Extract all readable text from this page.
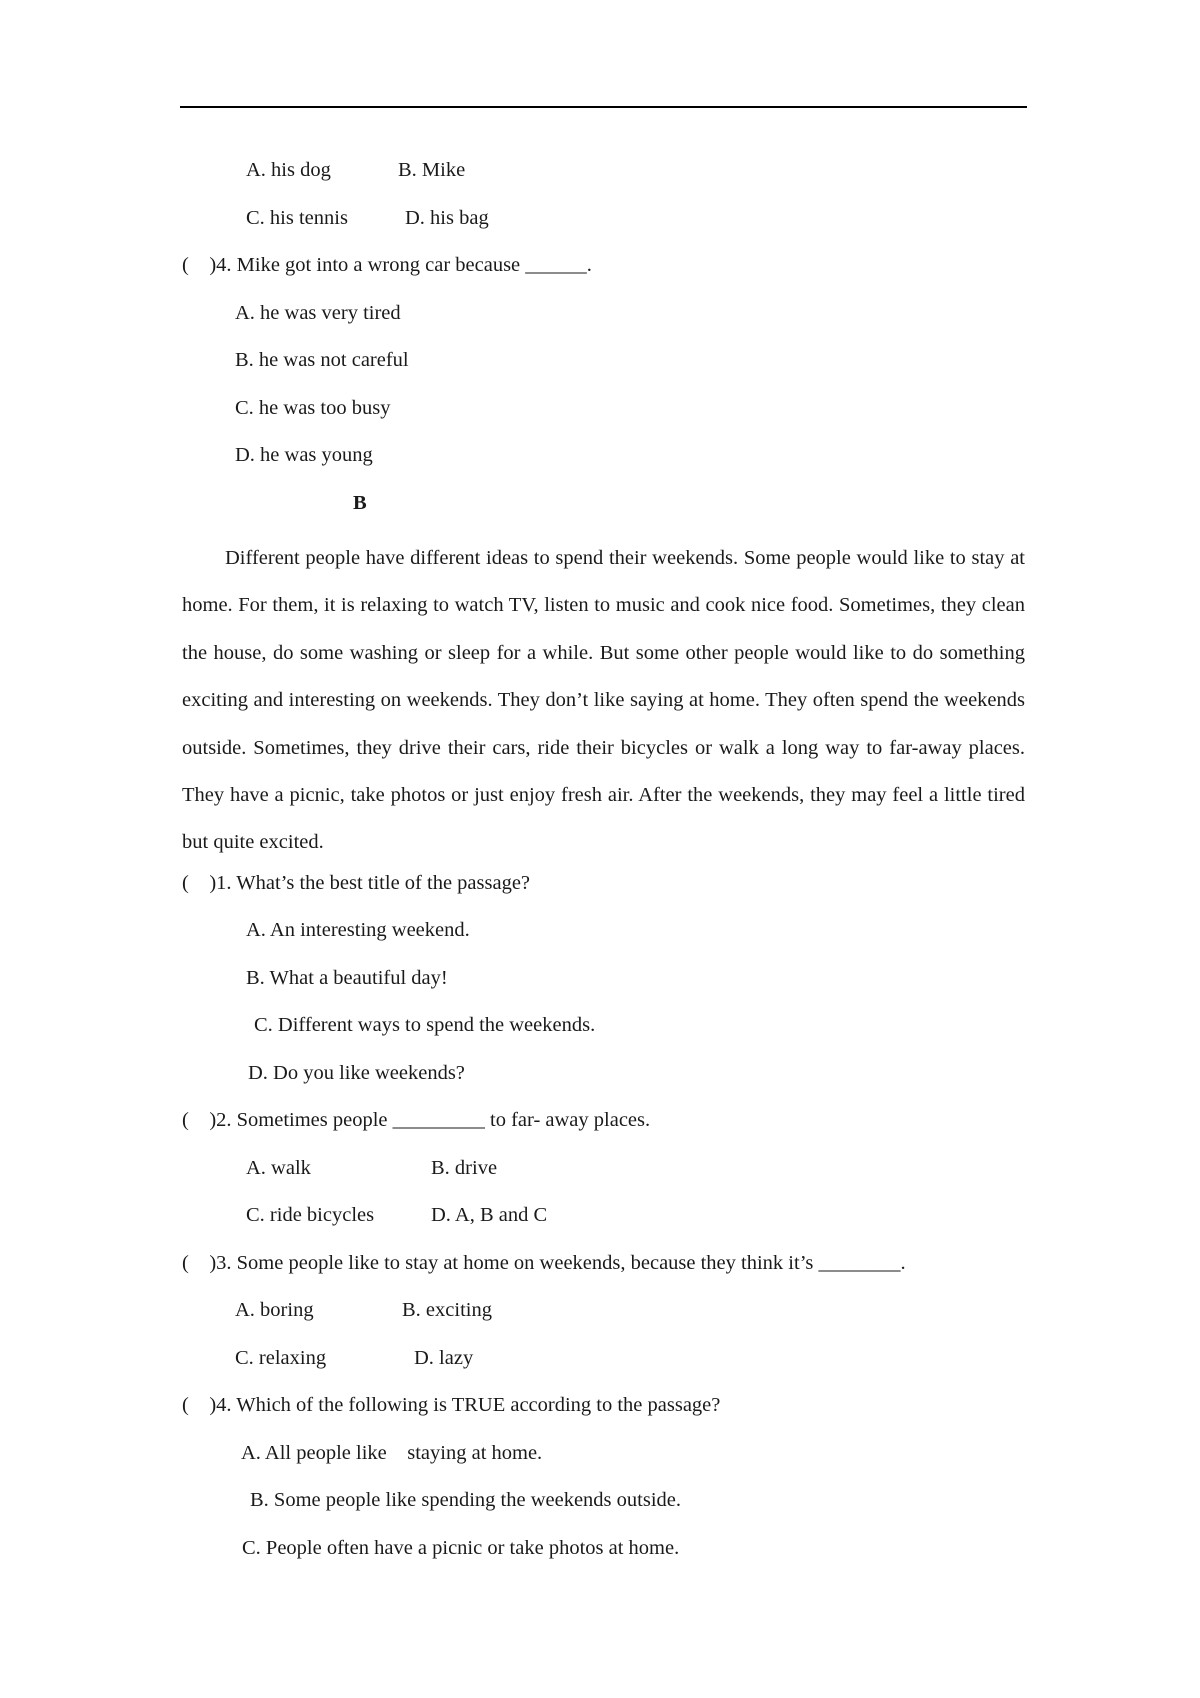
A. his dog	B. Mike
C. his tennis	D. his bag
(    )4. Mike got into a wrong car because ______.
A. he was very tired
B. he was not careful
C. he was too busy
D. he was young
B
Different people have different ideas to spend their weekends. Some people would like to stay at home. For them, it is relaxing to watch TV, listen to music and cook nice food. Sometimes, they clean the house, do some washing or sleep for a while. But some other people would like to do something exciting and interesting on weekends. They don’t like saying at home. They often spend the weekends outside. Sometimes, they drive their cars, ride their bicycles or walk a long way to far-away places. They have a picnic, take photos or just enjoy fresh air. After the weekends, they may feel a little tired but quite excited.
(    )1. What’s the best title of the passage?
A. An interesting weekend.
B. What a beautiful day!
C. Different ways to spend the weekends.
D. Do you like weekends?
(    )2. Sometimes people _________ to far- away places.
A. walk	B. drive
C. ride bicycles	D. A, B and C
(    )3. Some people like to stay at home on weekends, because they think it’s ________.
A. boring	B. exciting
C. relaxing	D. lazy
(    )4. Which of the following is TRUE according to the passage?
A. All people like    staying at home.
B. Some people like spending the weekends outside.
C. People often have a picnic or take photos at home.
